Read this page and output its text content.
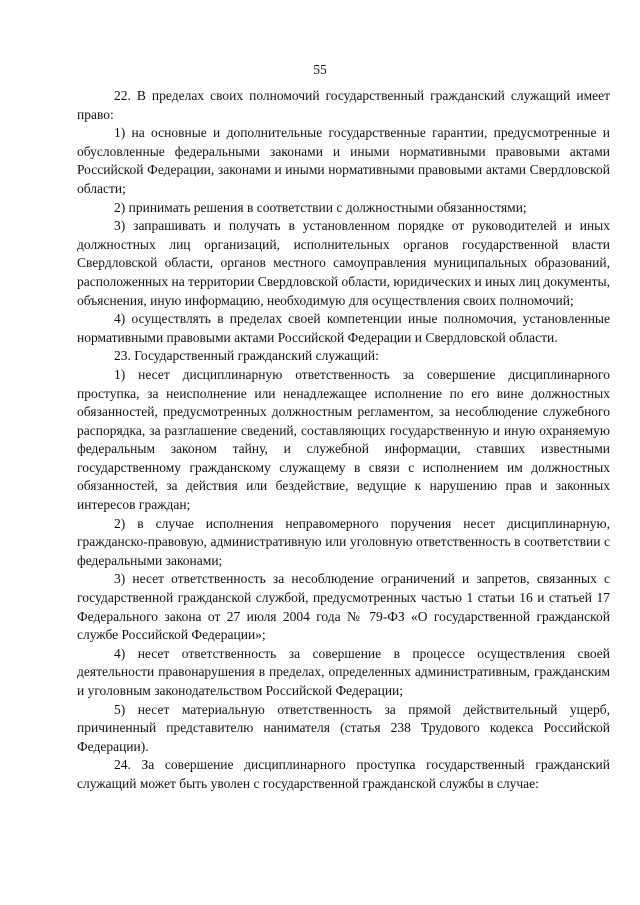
55

22. В пределах своих полномочий государственный гражданский служащий имеет право:

1) на основные и дополнительные государственные гарантии, предусмотренные и обусловленные федеральными законами и иными нормативными правовыми актами Российской Федерации, законами и иными нормативными правовыми актами Свердловской области;

2) принимать решения в соответствии с должностными обязанностями;

3) запрашивать и получать в установленном порядке от руководителей и иных должностных лиц организаций, исполнительных органов государственной власти Свердловской области, органов местного самоуправления муниципальных образований, расположенных на территории Свердловской области, юридических и иных лиц документы, объяснения, иную информацию, необходимую для осуществления своих полномочий;

4) осуществлять в пределах своей компетенции иные полномочия, установленные нормативными правовыми актами Российской Федерации и Свердловской области.

23. Государственный гражданский служащий:

1) несет дисциплинарную ответственность за совершение дисциплинарного проступка, за неисполнение или ненадлежащее исполнение по его вине должностных обязанностей, предусмотренных должностным регламентом, за несоблюдение служебного распорядка, за разглашение сведений, составляющих государственную и иную охраняемую федеральным законом тайну, и служебной информации, ставших известными государственному гражданскому служащему в связи с исполнением им должностных обязанностей, за действия или бездействие, ведущие к нарушению прав и законных интересов граждан;

2) в случае исполнения неправомерного поручения несет дисциплинарную, гражданско-правовую, административную или уголовную ответственность в соответствии с федеральными законами;

3) несет ответственность за несоблюдение ограничений и запретов, связанных с государственной гражданской службой, предусмотренных частью 1 статьи 16 и статьей 17 Федерального закона от 27 июля 2004 года № 79-ФЗ «О государственной гражданской службе Российской Федерации»;

4) несет ответственность за совершение в процессе осуществления своей деятельности правонарушения в пределах, определенных административным, гражданским и уголовным законодательством Российской Федерации;

5) несет материальную ответственность за прямой действительный ущерб, причиненный представителю нанимателя (статья 238 Трудового кодекса Российской Федерации).

24. За совершение дисциплинарного проступка государственный гражданский служащий может быть уволен с государственной гражданской службы в случае:
